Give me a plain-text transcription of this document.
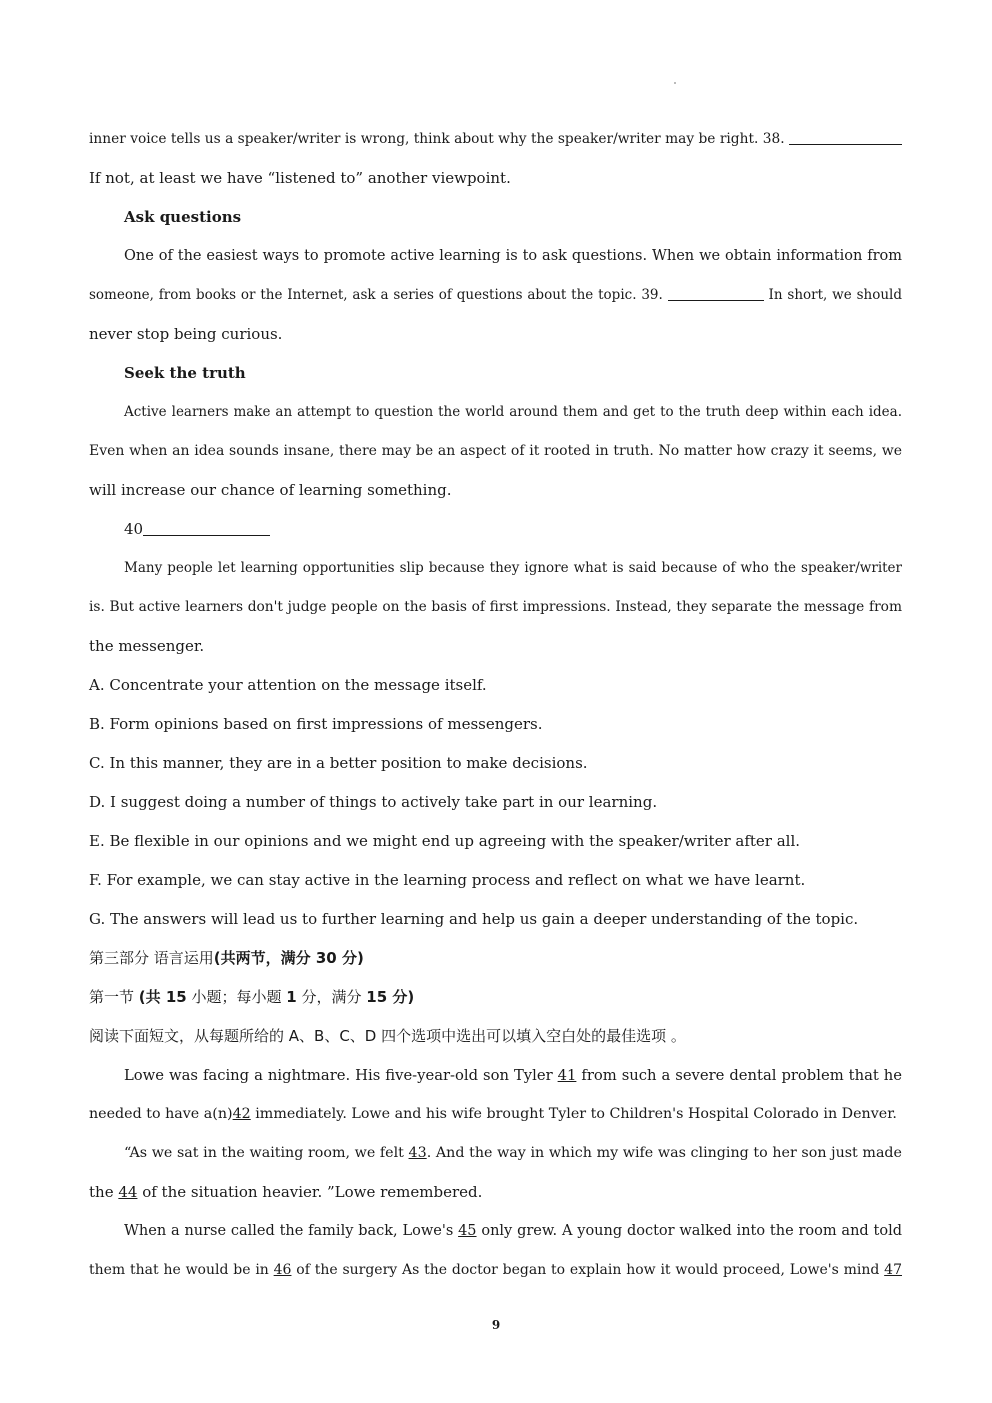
inner voice tells us a speaker/writer is wrong, think about why the speaker/writer may be right. 38.
If not, at least we have “listened to” another viewpoint.
Ask questions
One of the easiest ways to promote active learning is to ask questions. When we obtain information from
someone, from books or the Internet, ask a series of questions about the topic. 39.	In short, we should
never stop being curious.
Seek the truth
Active learners make an attempt to question the world around them and get to the truth deep within each idea.
Even when an idea sounds insane, there may be an aspect of it rooted in truth. No matter how crazy it seems, we
will increase our chance of learning something.
40
Many people let learning opportunities slip because they ignore what is said because of who the speaker/writer
is. But active learners don't judge people on the basis of first impressions. Instead, they separate the message from
the messenger.
A. Concentrate your attention on the message itself.
B. Form opinions based on first impressions of messengers.
C. In this manner, they are in a better position to make decisions.
D. I suggest doing a number of things to actively take part in our learning.
E. Be flexible in our opinions and we might end up agreeing with the speaker/writer after all.
F. For example, we can stay active in the learning process and reflect on what we have learnt.
G. The answers will lead us to further learning and help us gain a deeper understanding of the topic.
第三部分 语言运用(共两节，满分 30 分)
第一节 (共 15 小题；每小题 1 分，满分 15 分)
阅读下面短文，从每题所给的 A、B、C、D 四个选项中选出可以填入空白处的最佳选项 。
Lowe was facing a nightmare. His five-year-old son Tyler 41 from such a severe dental problem that he
needed to have a(n)42 immediately. Lowe and his wife brought Tyler to Children's Hospital Colorado in Denver.
“As we sat in the waiting room, we felt 43. And the way in which my wife was clinging to her son just made
the 44 of the situation heavier. ”Lowe remembered.
When a nurse called the family back, Lowe's 45 only grew. A young doctor walked into the room and told
them that he would be in 46 of the surgery As the doctor began to explain how it would proceed, Lowe's mind 47
9
